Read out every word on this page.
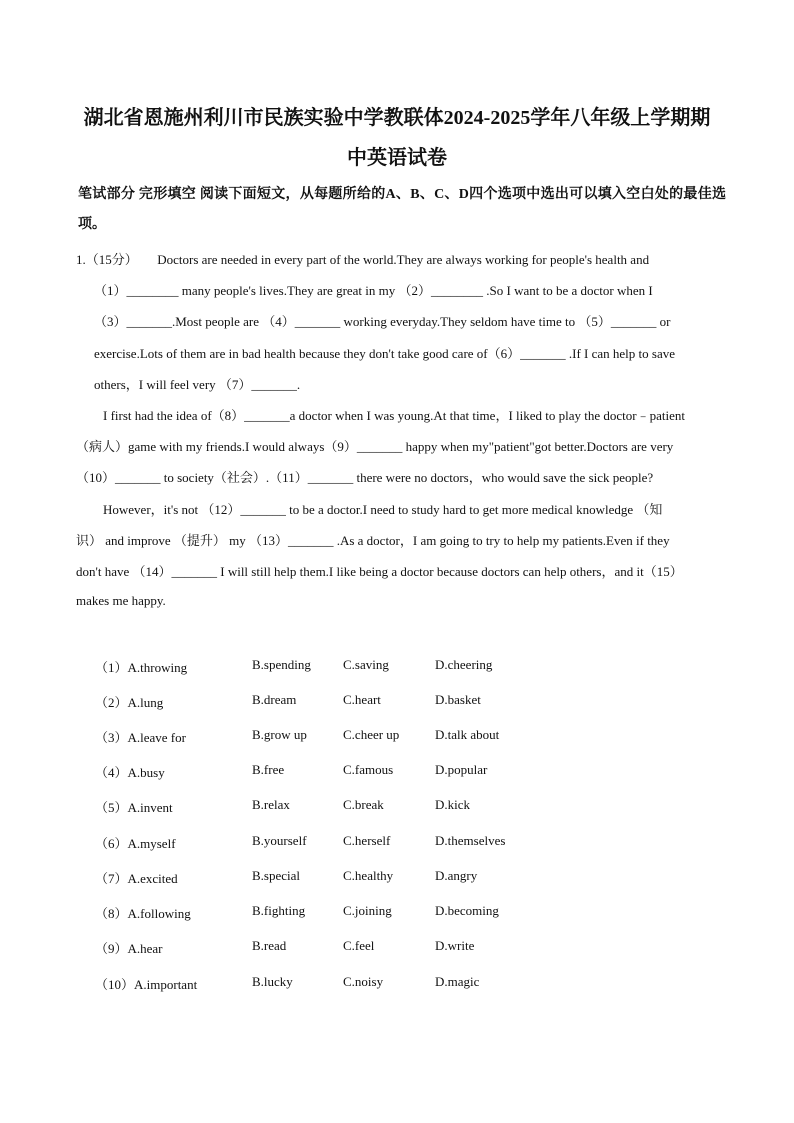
湖北省恩施州利川市民族实验中学教联体2024-2025学年八年级上学期期
中英语试卷
笔试部分 完形填空 阅读下面短文，从每题所给的A、B、C、D四个选项中选出可以填入空白处的最佳选项。
1.（15分）　　Doctors are needed in every part of the world.They are always working for people's health and
（1）________ many people's lives.They are great in my （2）________ .So I want to be a doctor when I
（3）_______.Most people are （4）_______ working everyday.They seldom have time to （5）_______ or
exercise.Lots of them are in bad health because they don't take good care of（6）_______ .If I can help to save
others，I will feel very （7）_______.
I first had the idea of（8）_______a doctor when I was young.At that time，I liked to play the doctor﹣patient
（病人）game with my friends.I would always（9）_______ happy when my"patient"got better.Doctors are very
（10）_______ to society（社会）.（11）_______ there were no doctors，who would save the sick people?
However，it's not （12）_______ to be a doctor.I need to study hard to get more medical knowledge （知
识） and improve （提升） my （13）_______ .As a doctor，I am going to try to help my patients.Even if they
don't have （14）_______ I will still help them.I like being a doctor because doctors can help others，and it（15）
makes me happy.
（1）A.throwing	B.spending C.saving	D.cheering
（2）A.lung	B.dream	C.heart	D.basket
（3）A.leave for	B.grow up	C.cheer up	D.talk about
（4）A.busy	B.free	C.famous	D.popular
（5）A.invent	B.relax	C.break	D.kick
（6）A.myself	B.yourself	C.herself	D.themselves
（7）A.excited	B.special	C.healthy	D.angry
（8）A.following	B.fighting	C.joining	D.becoming
（9）A.hear	B.read	C.feel	D.write
（10）A.important	B.lucky	C.noisy	D.magic
